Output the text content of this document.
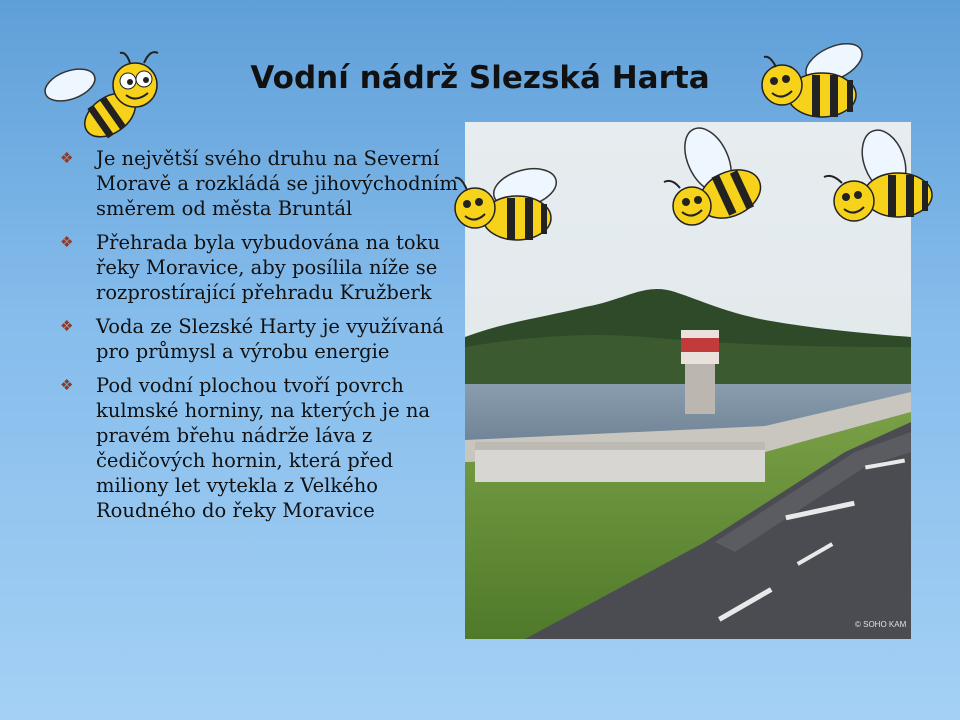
Vodní nádrž Slezská Harta
❖ Je největší svého druhu na Severní Moravě a rozkládá se jihovýchodním směrem od města Bruntál
❖ Přehrada byla vybudována na toku řeky Moravice, aby posílila níže se rozprostírající přehradu Kružberk
❖ Voda ze Slezské Harty je využívaná pro průmysl a výrobu energie
❖ Pod vodní plochou tvoří povrch kulmské horniny, na kterých je na pravém břehu nádrže láva z čedičových hornin, která před miliony let vytekla z Velkého Roudného do řeky Moravice
© SOHO KAM
